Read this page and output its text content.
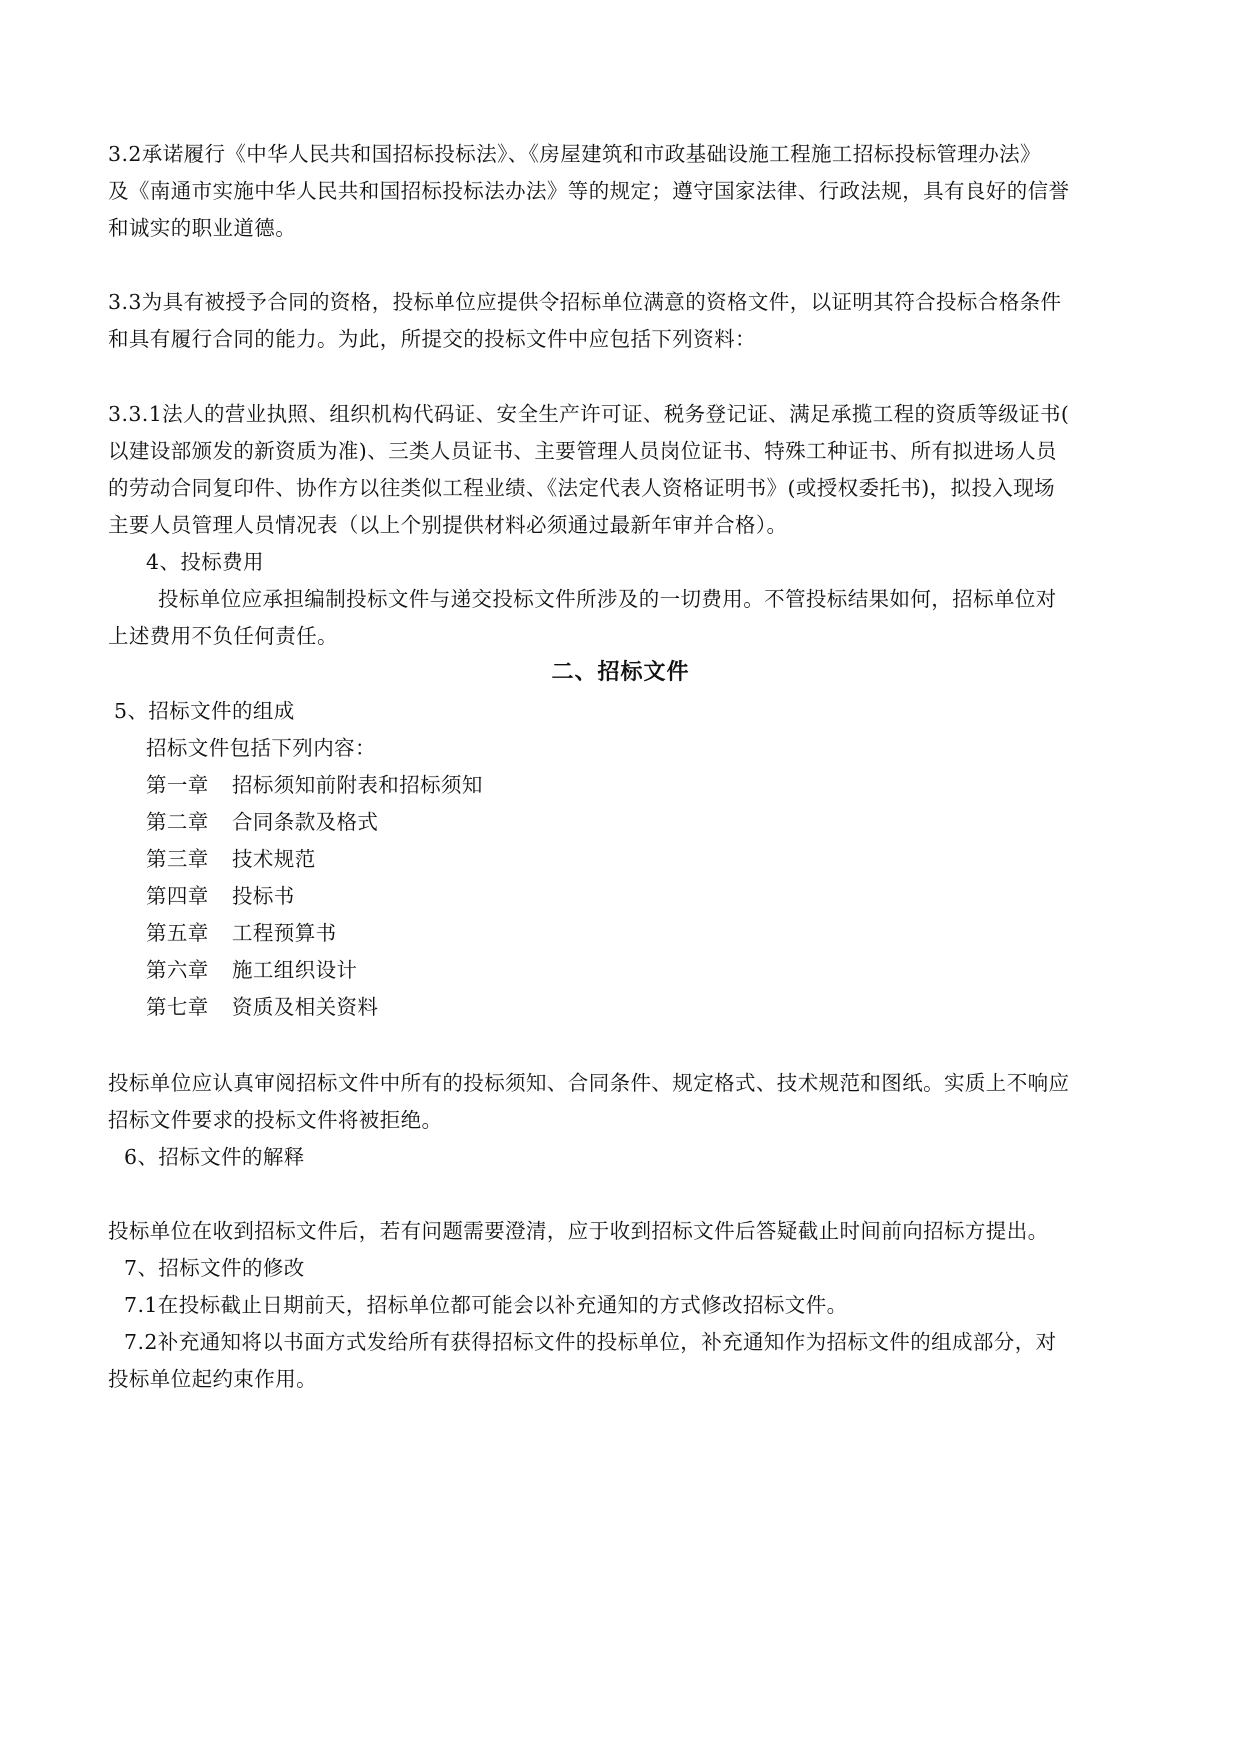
3.2承诺履行《中华人民共和国招标投标法》、《房屋建筑和市政基础设施工程施工招标投标管理办法》
及《南通市实施中华人民共和国招标投标法办法》等的规定；遵守国家法律、行政法规，具有良好的信誉
和诚实的职业道德。
3.3为具有被授予合同的资格，投标单位应提供令招标单位满意的资格文件，以证明其符合投标合格条件
和具有履行合同的能力。为此，所提交的投标文件中应包括下列资料：
3.3.1法人的营业执照、组织机构代码证、安全生产许可证、税务登记证、满足承揽工程的资质等级证书(
以建设部颁发的新资质为准)、三类人员证书、主要管理人员岗位证书、特殊工种证书、所有拟进场人员
的劳动合同复印件、协作方以往类似工程业绩、《法定代表人资格证明书》(或授权委托书)，拟投入现场
主要人员管理人员情况表（以上个别提供材料必须通过最新年审并合格）。
4、投标费用
投标单位应承担编制投标文件与递交投标文件所涉及的一切费用。不管投标结果如何，招标单位对
上述费用不负任何责任。
二、招标文件
5、招标文件的组成
招标文件包括下列内容：
第一章 招标须知前附表和招标须知
第二章 合同条款及格式
第三章 技术规范
第四章 投标书
第五章 工程预算书
第六章 施工组织设计
第七章 资质及相关资料
投标单位应认真审阅招标文件中所有的投标须知、合同条件、规定格式、技术规范和图纸。实质上不响应
招标文件要求的投标文件将被拒绝。
6、招标文件的解释
投标单位在收到招标文件后，若有问题需要澄清，应于收到招标文件后答疑截止时间前向招标方提出。
7、招标文件的修改
7.1在投标截止日期前天，招标单位都可能会以补充通知的方式修改招标文件。
7.2补充通知将以书面方式发给所有获得招标文件的投标单位，补充通知作为招标文件的组成部分，对
投标单位起约束作用。
